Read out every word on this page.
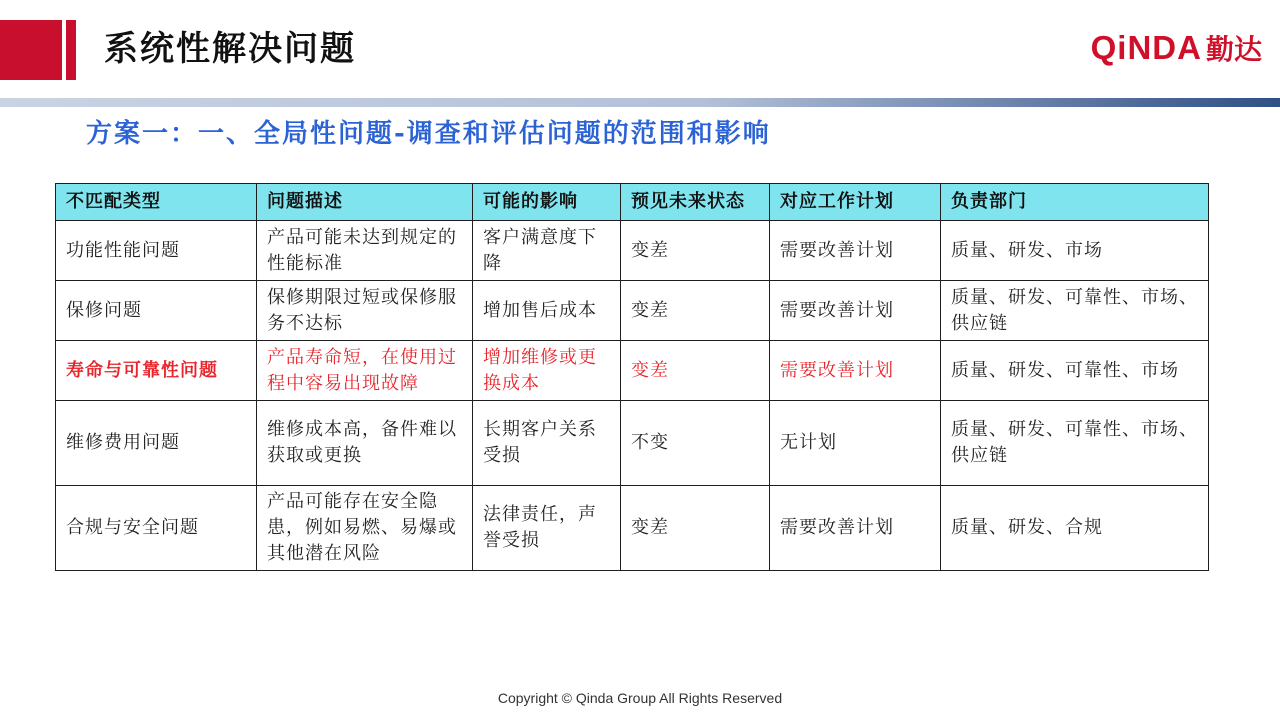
系统性解决问题	QiNDA 勤达
方案一：一、全局性问题-调查和评估问题的范围和影响
不匹配类型	问题描述	可能的影响	预见未来状态	对应工作计划	负责部门
功能性能问题	产品可能未达到规定的性能标准	客户满意度下降	变差	需要改善计划	质量、研发、市场
保修问题	保修期限过短或保修服务不达标	增加售后成本	变差	需要改善计划	质量、研发、可靠性、市场、供应链
寿命与可靠性问题	产品寿命短，在使用过程中容易出现故障	增加维修或更换成本	变差	需要改善计划	质量、研发、可靠性、市场
维修费用问题	维修成本高，备件难以获取或更换	长期客户关系受损	不变	无计划	质量、研发、可靠性、市场、供应链
合规与安全问题	产品可能存在安全隐患，例如易燃、易爆或其他潜在风险	法律责任，声誉受损	变差	需要改善计划	质量、研发、合规
Copyright © Qinda Group All Rights Reserved
